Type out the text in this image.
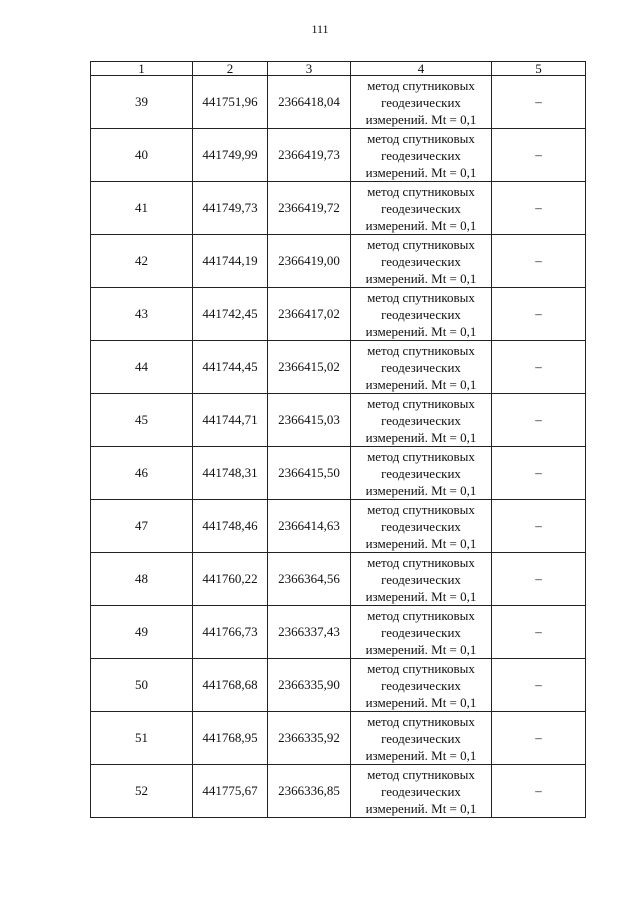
111
1	2	3	4	5
39	441751,96	2366418,04	метод спутниковых
геодезических
измерений. Mt = 0,1	–
40	441749,99	2366419,73	метод спутниковых
геодезических
измерений. Mt = 0,1	–
41	441749,73	2366419,72	метод спутниковых
геодезических
измерений. Mt = 0,1	–
42	441744,19	2366419,00	метод спутниковых
геодезических
измерений. Mt = 0,1	–
43	441742,45	2366417,02	метод спутниковых
геодезических
измерений. Mt = 0,1	–
44	441744,45	2366415,02	метод спутниковых
геодезических
измерений. Mt = 0,1	–
45	441744,71	2366415,03	метод спутниковых
геодезических
измерений. Mt = 0,1	–
46	441748,31	2366415,50	метод спутниковых
геодезических
измерений. Mt = 0,1	–
47	441748,46	2366414,63	метод спутниковых
геодезических
измерений. Mt = 0,1	–
48	441760,22	2366364,56	метод спутниковых
геодезических
измерений. Mt = 0,1	–
49	441766,73	2366337,43	метод спутниковых
геодезических
измерений. Mt = 0,1	–
50	441768,68	2366335,90	метод спутниковых
геодезических
измерений. Mt = 0,1	–
51	441768,95	2366335,92	метод спутниковых
геодезических
измерений. Mt = 0,1	–
52	441775,67	2366336,85	метод спутниковых
геодезических
измерений. Mt = 0,1	–
